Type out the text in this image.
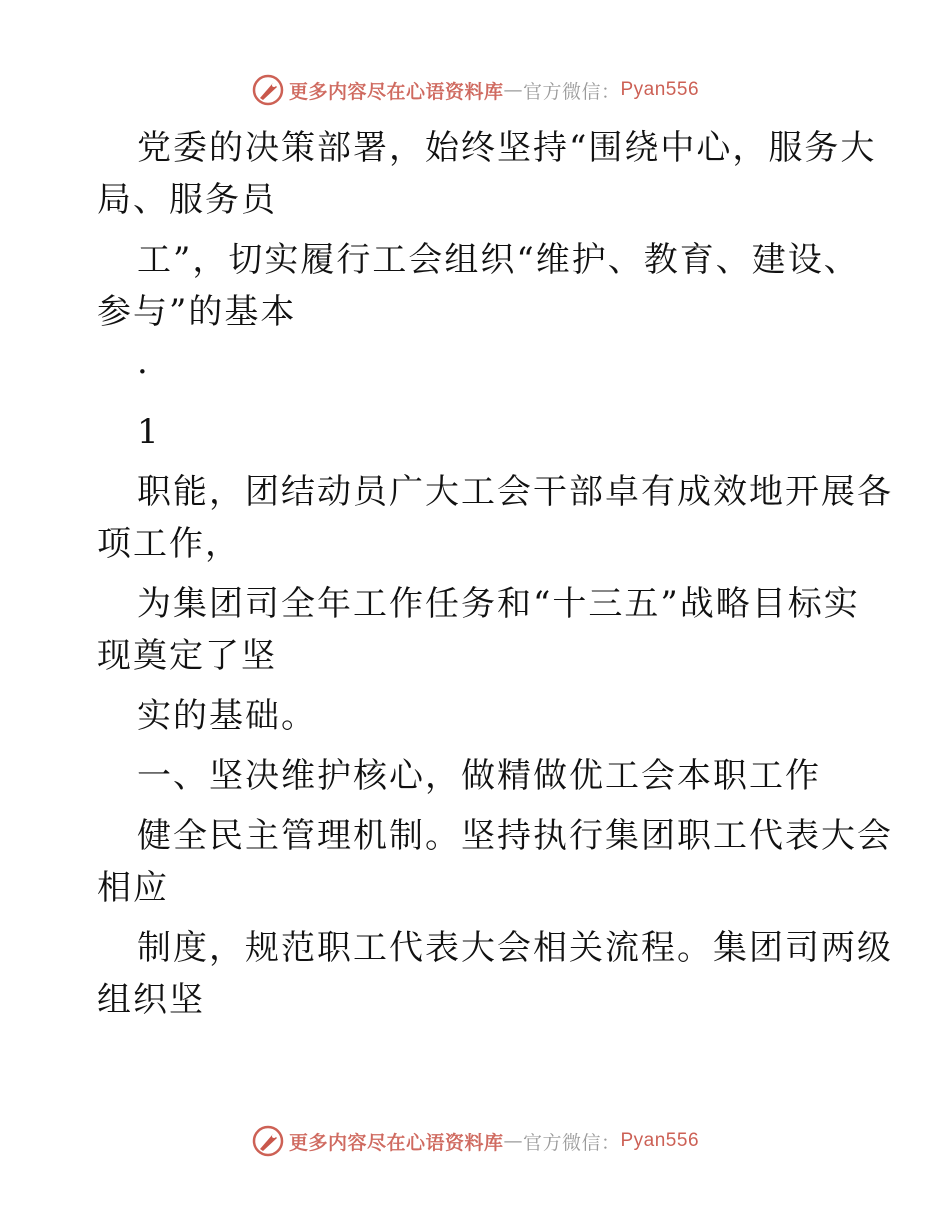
更多内容尽在心语资料库 — 官方微信： Pyan556
党委的决策部署，始终坚持“围绕中心，服务大
局、服务员
工”，切实履行工会组织“维护、教育、建设、
参与”的基本
·
1
职能，团结动员广大工会干部卓有成效地开展各
项工作，
为集团司全年工作任务和“十三五”战略目标实
现奠定了坚
实的基础。
一、坚决维护核心，做精做优工会本职工作
健全民主管理机制。坚持执行集团职工代表大会
相应
制度，规范职工代表大会相关流程。集团司两级
组织坚
更多内容尽在心语资料库 — 官方微信： Pyan556
